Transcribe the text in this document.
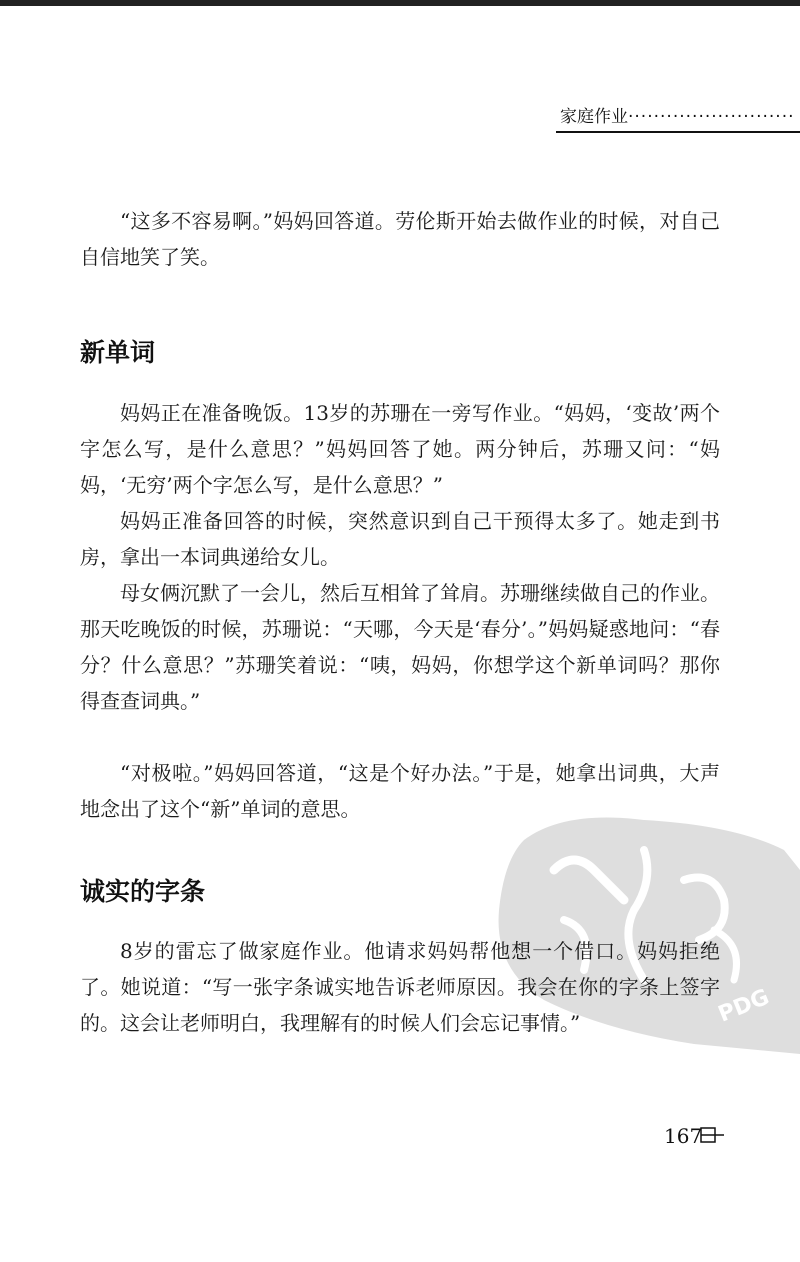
家庭作业··························

“这多不容易啊。”妈妈回答道。劳伦斯开始去做作业的时候，对自己自信地笑了笑。

新单词

妈妈正在准备晚饭。13岁的苏珊在一旁写作业。“妈妈，‘变故’两个字怎么写，是什么意思？”妈妈回答了她。两分钟后，苏珊又问：“妈妈，‘无穷’两个字怎么写，是什么意思？”

妈妈正准备回答的时候，突然意识到自己干预得太多了。她走到书房，拿出一本词典递给女儿。

母女俩沉默了一会儿，然后互相耸了耸肩。苏珊继续做自己的作业。那天吃晚饭的时候，苏珊说：“天哪，今天是‘春分’。”妈妈疑惑地问：“春分？什么意思？”苏珊笑着说：“咦，妈妈，你想学这个新单词吗？那你得查查词典。”

“对极啦。”妈妈回答道，“这是个好办法。”于是，她拿出词典，大声地念出了这个“新”单词的意思。

PDG
诚实的字条

8岁的雷忘了做家庭作业。他请求妈妈帮他想一个借口。妈妈拒绝了。她说道：“写一张字条诚实地告诉老师原因。我会在你的字条上签字的。这会让老师明白，我理解有的时候人们会忘记事情。”

167
